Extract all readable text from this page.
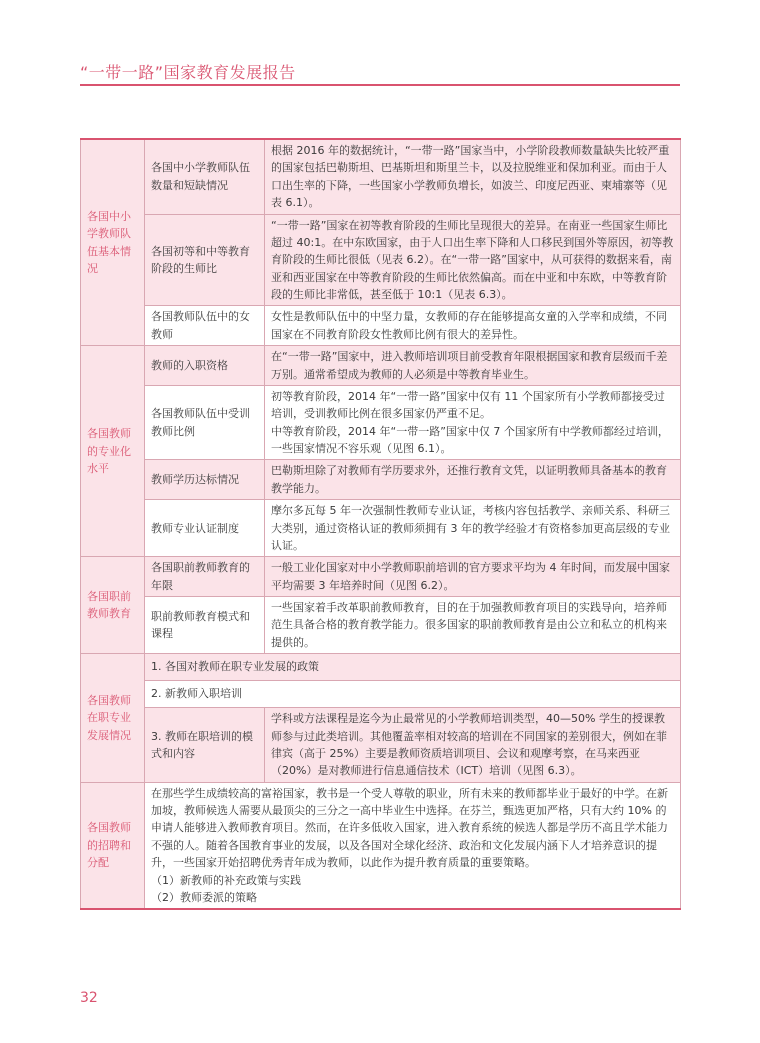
“一带一路”国家教育发展报告
各国中小学教师队伍基本情况	各国中小学教师队伍数量和短缺情况	根据 2016 年的数据统计，“一带一路”国家当中，小学阶段教师数量缺失比较严重的国家包括巴勒斯坦、巴基斯坦和斯里兰卡，以及拉脱维亚和保加利亚。而由于人口出生率的下降，一些国家小学教师负增长，如波兰、印度尼西亚、柬埔寨等（见表 6.1）。
	各国初等和中等教育阶段的生师比	“一带一路”国家在初等教育阶段的生师比呈现很大的差异。在南亚一些国家生师比超过 40:1。在中东欧国家，由于人口出生率下降和人口移民到国外等原因，初等教育阶段的生师比很低（见表 6.2）。在“一带一路”国家中，从可获得的数据来看，南亚和西亚国家在中等教育阶段的生师比依然偏高。而在中亚和中东欧，中等教育阶段的生师比非常低，甚至低于 10:1（见表 6.3）。
	各国教师队伍中的女教师	女性是教师队伍中的中坚力量，女教师的存在能够提高女童的入学率和成绩，不同国家在不同教育阶段女性教师比例有很大的差异性。
各国教师的专业化水平	教师的入职资格	在“一带一路”国家中，进入教师培训项目前受教育年限根据国家和教育层级而千差万别。通常希望成为教师的人必须是中等教育毕业生。
	各国教师队伍中受训教师比例	初等教育阶段，2014 年“一带一路”国家中仅有 11 个国家所有小学教师都接受过培训，受训教师比例在很多国家仍严重不足。
中等教育阶段，2014 年“一带一路”国家中仅 7 个国家所有中学教师都经过培训，一些国家情况不容乐观（见图 6.1）。

	教师学历达标情况	巴勒斯坦除了对教师有学历要求外，还推行教育文凭，以证明教师具备基本的教育教学能力。
	教师专业认证制度	摩尔多瓦每 5 年一次强制性教师专业认证，考核内容包括教学、亲师关系、科研三大类别，通过资格认证的教师须拥有 3 年的教学经验才有资格参加更高层级的专业认证。
各国职前教师教育	各国职前教师教育的年限	一般工业化国家对中小学教师职前培训的官方要求平均为 4 年时间，而发展中国家平均需要 3 年培养时间（见图 6.2）。
	职前教师教育模式和课程	一些国家着手改革职前教师教育，目的在于加强教师教育项目的实践导向，培养师范生具备合格的教育教学能力。很多国家的职前教师教育是由公立和私立的机构来提供的。
各国教师在职专业发展情况	1. 各国对教师在职专业发展的政策	
	2. 新教师入职培训	
	3. 教师在职培训的模式和内容	学科或方法课程是迄今为止最常见的小学教师培训类型，40—50% 学生的授课教师参与过此类培训。其他覆盖率相对较高的培训在不同国家的差别很大，例如在菲律宾（高于 25%）主要是教师资质培训项目、会议和观摩考察，在马来西亚（20%）是对教师进行信息通信技术（ICT）培训（见图 6.3）。
各国教师的招聘和分配	在那些学生成绩较高的富裕国家，教书是一个受人尊敬的职业，所有未来的教师都毕业于最好的中学。在新加坡，教师候选人需要从最顶尖的三分之一高中毕业生中选择。在芬兰，甄选更加严格，只有大约 10% 的申请人能够进入教师教育项目。然而，在许多低收入国家，进入教育系统的候选人都是学历不高且学术能力不强的人。随着各国教育事业的发展，以及各国对全球化经济、政治和文化发展内涵下人才培养意识的提升，一些国家开始招聘优秀青年成为教师，以此作为提升教育质量的重要策略。
（1）新教师的补充政策与实践
（2）教师委派的策略	
32
